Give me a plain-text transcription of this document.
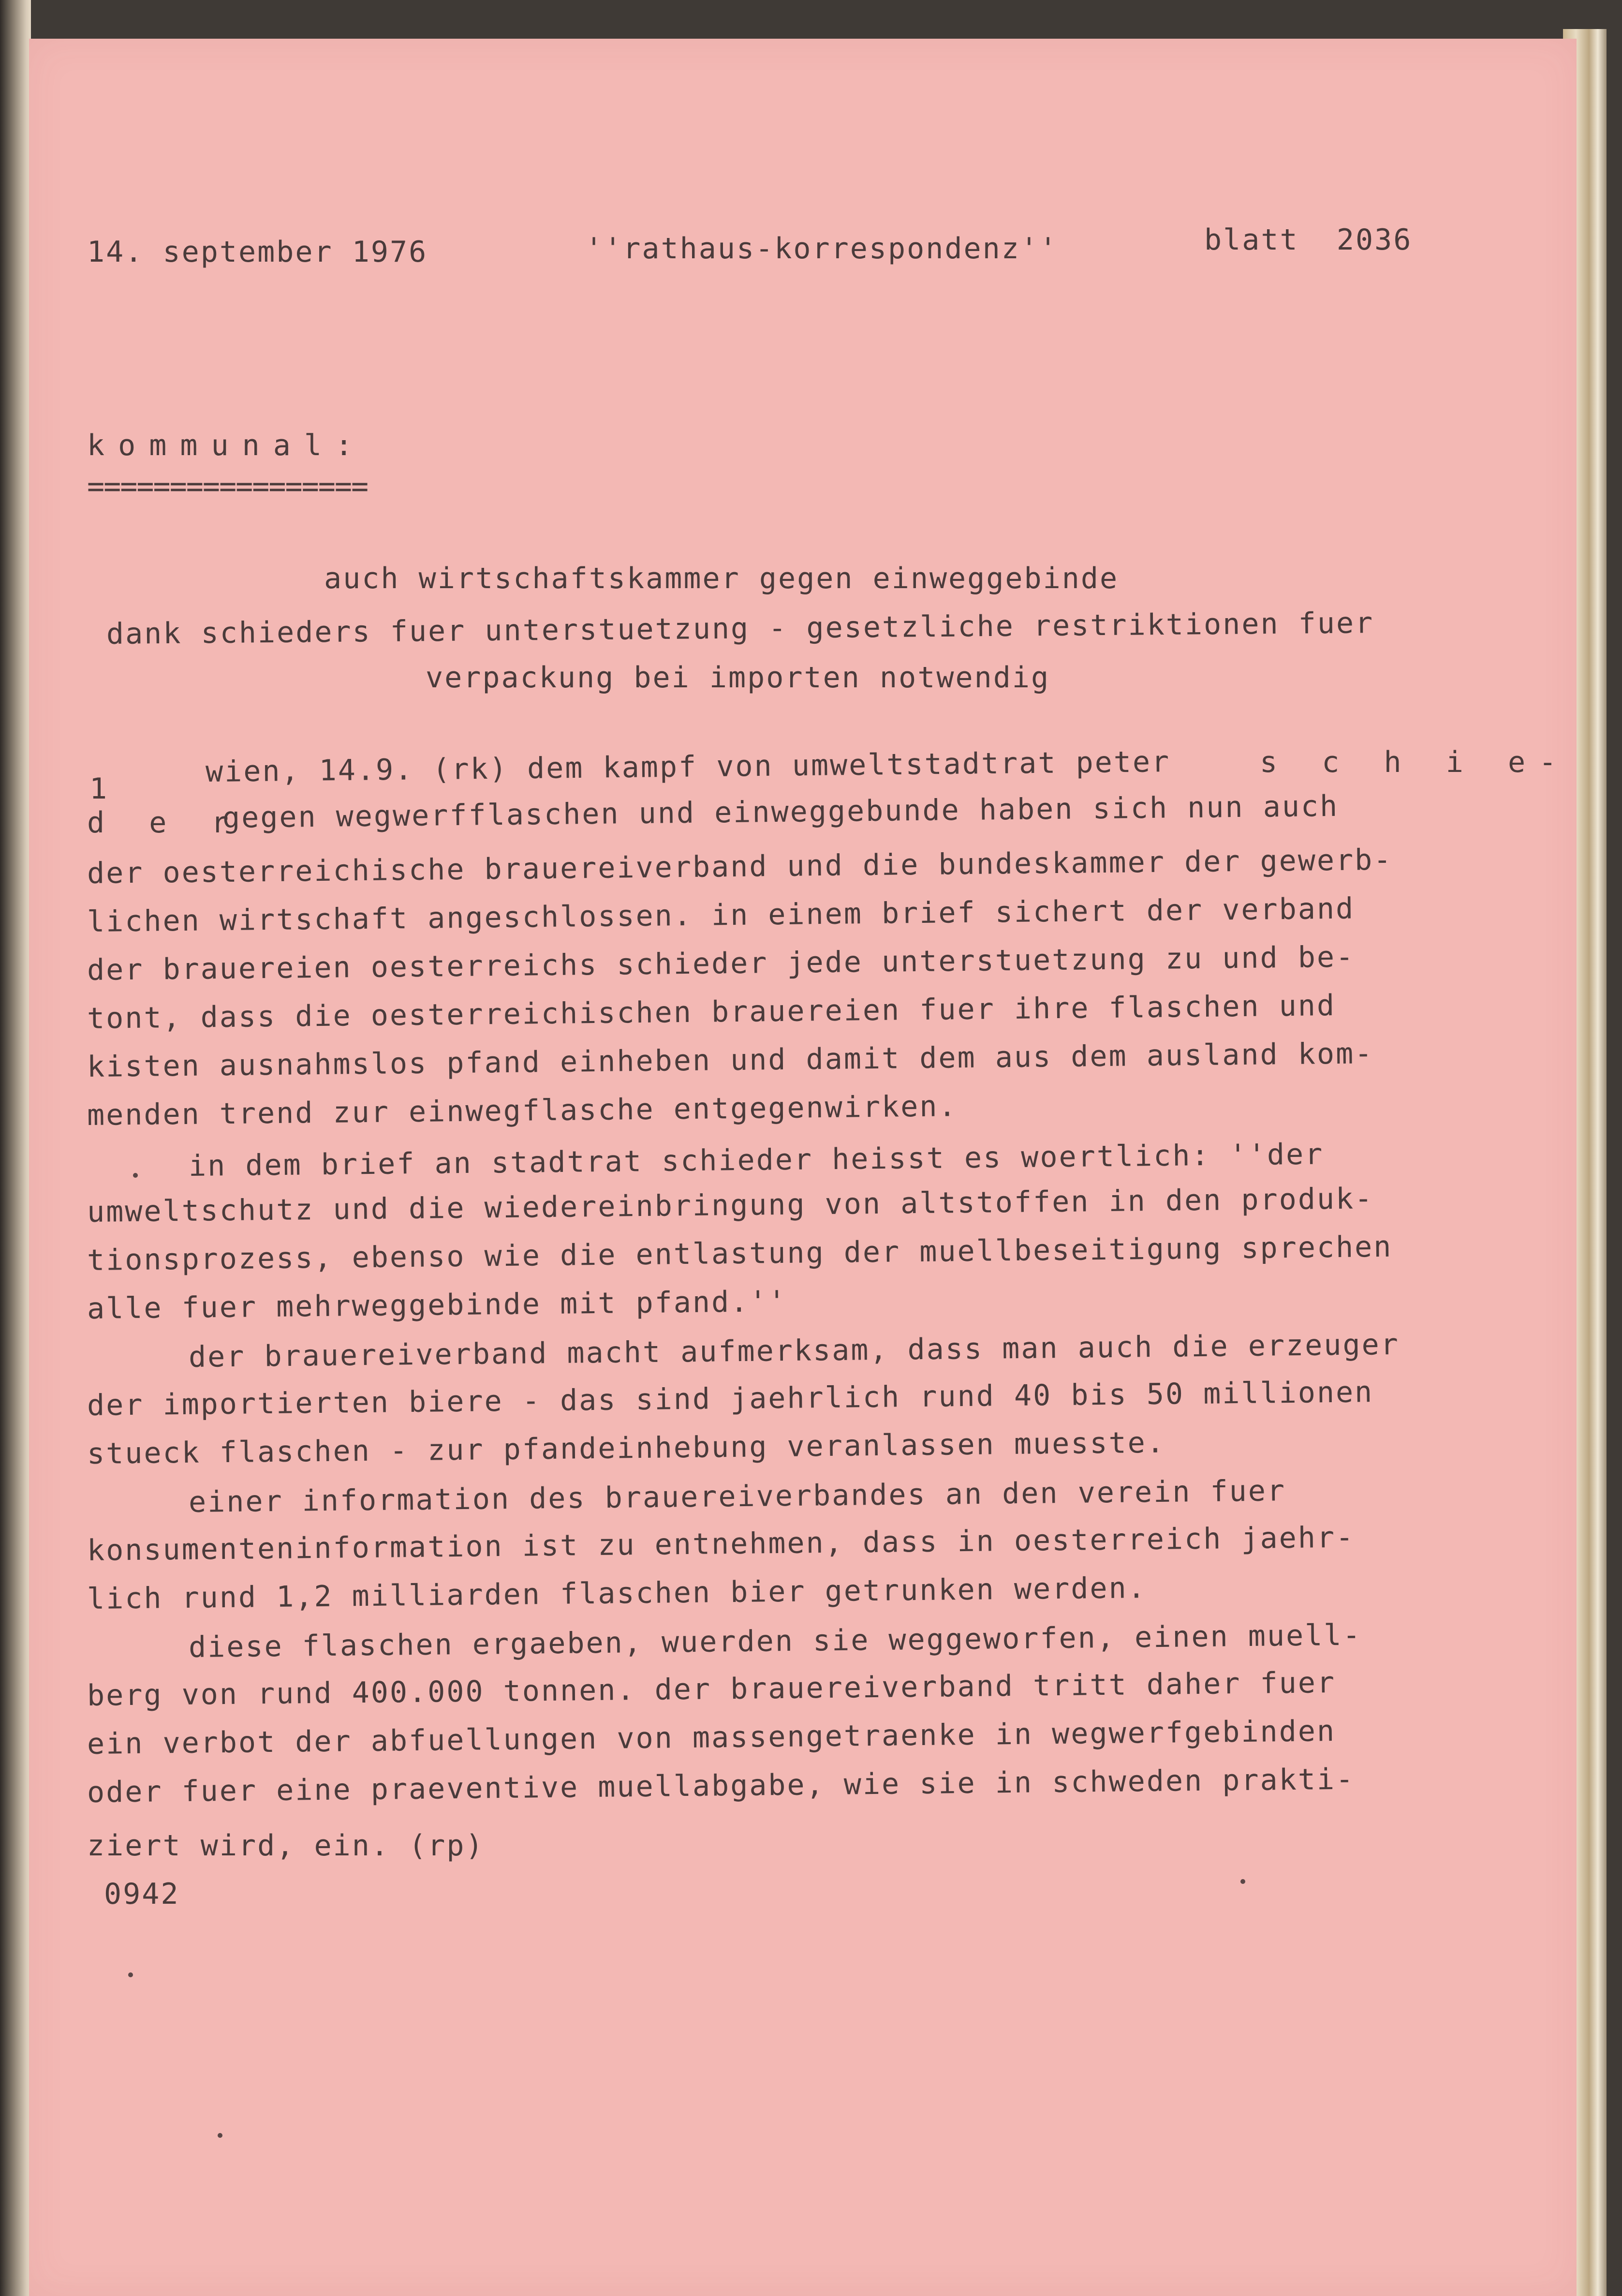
14. september 1976	''rathaus-korrespondenz''	blatt  2036
kommunal:
=================
auch wirtschaftskammer gegen einweggebinde
dank schieders fuer unterstuetzung - gesetzliche restriktionen fuer
verpackung bei importen notwendig
1
wien, 14.9. (rk) dem kampf von umweltstadtrat peter	s c h i e-
d e r
gegen wegwerfflaschen und einweggebunde haben sich nun auch
der oesterreichische brauereiverband und die bundeskammer der gewerb-
lichen wirtschaft angeschlossen. in einem brief sichert der verband
der brauereien oesterreichs schieder jede unterstuetzung zu und be-
tont, dass die oesterreichischen brauereien fuer ihre flaschen und
kisten ausnahmslos pfand einheben und damit dem aus dem ausland kom-
menden trend zur einwegflasche entgegenwirken.
in dem brief an stadtrat schieder heisst es woertlich: ''der
umweltschutz und die wiedereinbringung von altstoffen in den produk-
tionsprozess, ebenso wie die entlastung der muellbeseitigung sprechen
alle fuer mehrweggebinde mit pfand.''
der brauereiverband macht aufmerksam, dass man auch die erzeuger
der importierten biere - das sind jaehrlich rund 40 bis 50 millionen
stueck flaschen - zur pfandeinhebung veranlassen muesste.
einer information des brauereiverbandes an den verein fuer
konsumenteninformation ist zu entnehmen, dass in oesterreich jaehr-
lich rund 1,2 milliarden flaschen bier getrunken werden.
diese flaschen ergaeben, wuerden sie weggeworfen, einen muell-
berg von rund 400.000 tonnen. der brauereiverband tritt daher fuer
ein verbot der abfuellungen von massengetraenke in wegwerfgebinden
oder fuer eine praeventive muellabgabe, wie sie in schweden prakti-
ziert wird, ein. (rp)
0942
